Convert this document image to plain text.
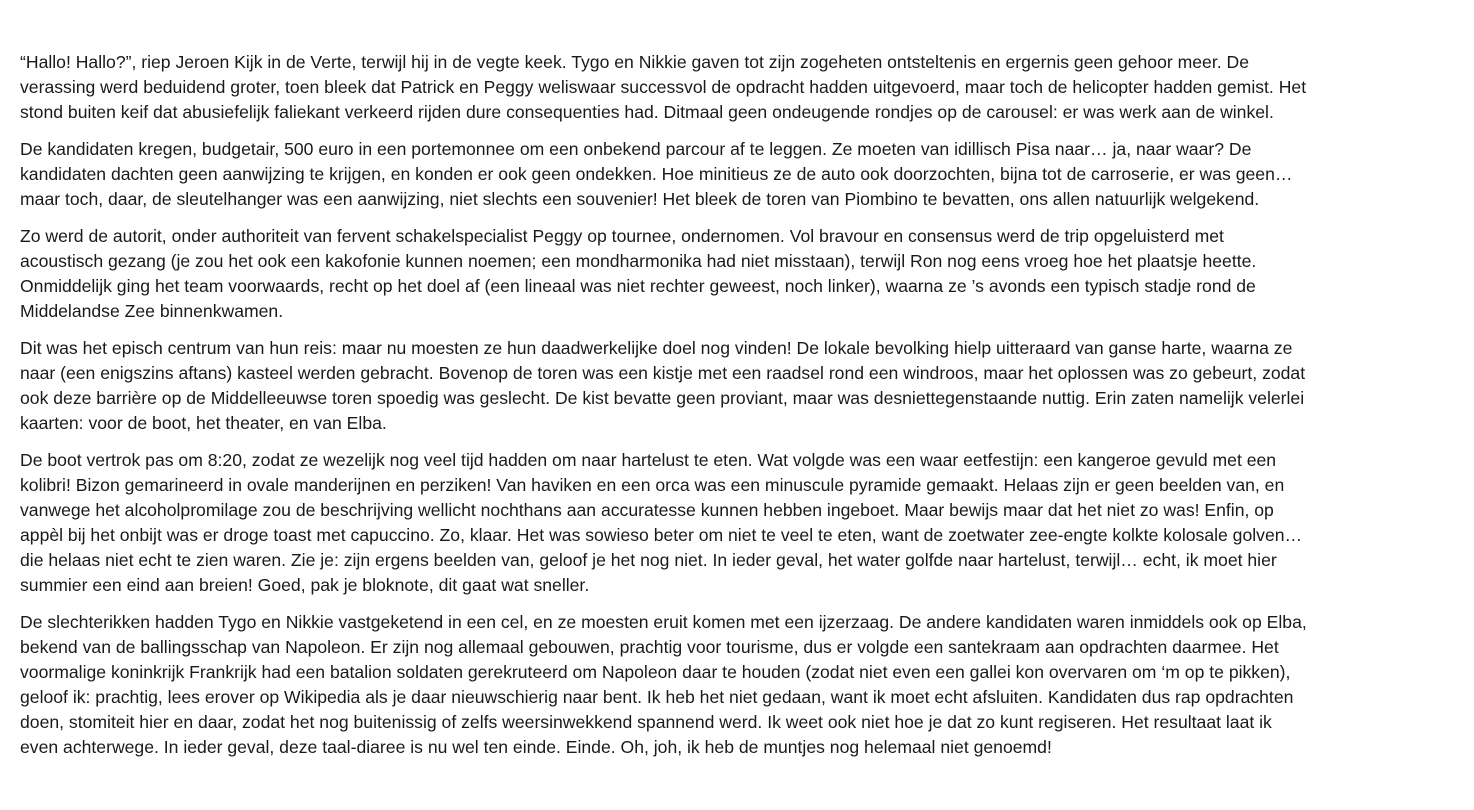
“Hallo! Hallo?”, riep Jeroen Kijk in de Verte, terwijl hij in de vegte keek. Tygo en Nikkie gaven tot zijn zogeheten ontsteltenis en ergernis geen gehoor meer. De
verassing werd beduidend groter, toen bleek dat Patrick en Peggy weliswaar successvol de opdracht hadden uitgevoerd, maar toch de helicopter hadden gemist. Het
stond buiten keif dat abusiefelijk faliekant verkeerd rijden dure consequenties had. Ditmaal geen ondeugende rondjes op de carousel: er was werk aan de winkel.

De kandidaten kregen, budgetair, 500 euro in een portemonnee om een onbekend parcour af te leggen. Ze moeten van idillisch Pisa naar… ja, naar waar? De
kandidaten dachten geen aanwijzing te krijgen, en konden er ook geen ondekken. Hoe minitieus ze de auto ook doorzochten, bijna tot de carroserie, er was geen…
maar toch, daar, de sleutelhanger was een aanwijzing, niet slechts een souvenier! Het bleek de toren van Piombino te bevatten, ons allen natuurlijk welgekend.

Zo werd de autorit, onder authoriteit van fervent schakelspecialist Peggy op tournee, ondernomen. Vol bravour en consensus werd de trip opgeluisterd met
acoustisch gezang (je zou het ook een kakofonie kunnen noemen; een mondharmonika had niet misstaan), terwijl Ron nog eens vroeg hoe het plaatsje heette.
Onmiddelijk ging het team voorwaards, recht op het doel af (een lineaal was niet rechter geweest, noch linker), waarna ze ’s avonds een typisch stadje rond de
Middelandse Zee binnenkwamen.

Dit was het episch centrum van hun reis: maar nu moesten ze hun daadwerkelijke doel nog vinden! De lokale bevolking hielp uitteraard van ganse harte, waarna ze
naar (een enigszins aftans) kasteel werden gebracht. Bovenop de toren was een kistje met een raadsel rond een windroos, maar het oplossen was zo gebeurt, zodat
ook deze barrière op de Middelleeuwse toren spoedig was geslecht. De kist bevatte geen proviant, maar was desniettegenstaande nuttig. Erin zaten namelijk velerlei
kaarten: voor de boot, het theater, en van Elba.

De boot vertrok pas om 8:20, zodat ze wezelijk nog veel tijd hadden om naar hartelust te eten. Wat volgde was een waar eetfestijn: een kangeroe gevuld met een
kolibri! Bizon gemarineerd in ovale manderijnen en perziken! Van haviken en een orca was een minuscule pyramide gemaakt. Helaas zijn er geen beelden van, en
vanwege het alcoholpromilage zou de beschrijving wellicht nochthans aan accuratesse kunnen hebben ingeboet. Maar bewijs maar dat het niet zo was! Enfin, op
appèl bij het onbijt was er droge toast met capuccino. Zo, klaar. Het was sowieso beter om niet te veel te eten, want de zoetwater zee-engte kolkte kolosale golven…
die helaas niet echt te zien waren. Zie je: zijn ergens beelden van, geloof je het nog niet. In ieder geval, het water golfde naar hartelust, terwijl… echt, ik moet hier
summier een eind aan breien! Goed, pak je bloknote, dit gaat wat sneller.

De slechterikken hadden Tygo en Nikkie vastgeketend in een cel, en ze moesten eruit komen met een ijzerzaag. De andere kandidaten waren inmiddels ook op Elba,
bekend van de ballingsschap van Napoleon. Er zijn nog allemaal gebouwen, prachtig voor tourisme, dus er volgde een santekraam aan opdrachten daarmee. Het
voormalige koninkrijk Frankrijk had een batalion soldaten gerekruteerd om Napoleon daar te houden (zodat niet even een gallei kon overvaren om ‘m op te pikken),
geloof ik: prachtig, lees erover op Wikipedia als je daar nieuwschierig naar bent. Ik heb het niet gedaan, want ik moet echt afsluiten. Kandidaten dus rap opdrachten
doen, stomiteit hier en daar, zodat het nog buitenissig of zelfs weersinwekkend spannend werd. Ik weet ook niet hoe je dat zo kunt regiseren. Het resultaat laat ik
even achterwege. In ieder geval, deze taal-diaree is nu wel ten einde. Einde. Oh, joh, ik heb de muntjes nog helemaal niet genoemd!
